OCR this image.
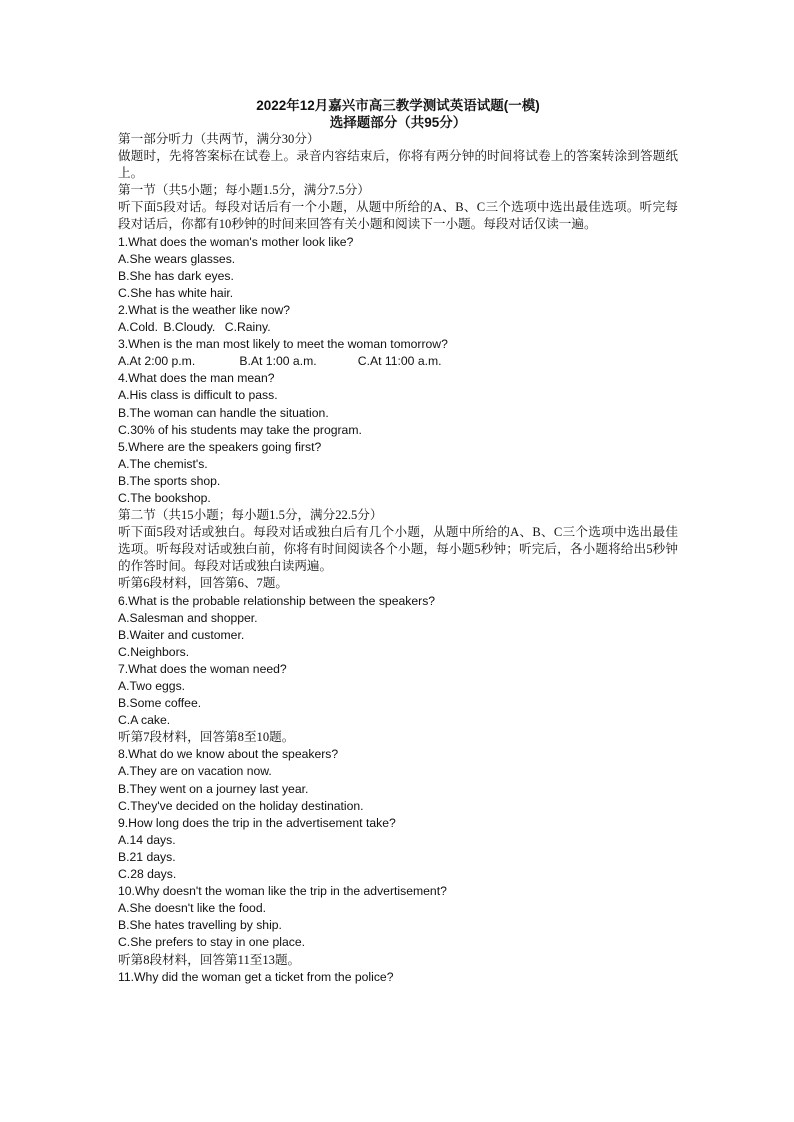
2022年12月嘉兴市高三教学测试英语试题(一模)
选择题部分（共95分）
第一部分听力（共两节，满分30分）
做题时，先将答案标在试卷上。录音内容结束后，你将有两分钟的时间将试卷上的答案转涂到答题纸上。
第一节（共5小题；每小题1.5分，满分7.5分）
听下面5段对话。每段对话后有一个小题，从题中所给的A、B、C三个选项中选出最佳选项。听完每段对话后，你都有10秒钟的时间来回答有关小题和阅读下一小题。每段对话仅读一遍。
1.What does the woman's mother look like?
A.She wears glasses.
B.She has dark eyes.
C.She has white hair.
2.What is the weather like now?
A.Cold. B.Cloudy. C.Rainy.
3.When is the man most likely to meet the woman tomorrow?
A.At 2:00 p.m.	B.At 1:00 a.m.	C.At 11:00 a.m.
4.What does the man mean?
A.His class is difficult to pass.
B.The woman can handle the situation.
C.30% of his students may take the program.
5.Where are the speakers going first?
A.The chemist's.
B.The sports shop.
C.The bookshop.
第二节（共15小题；每小题1.5分，满分22.5分）
听下面5段对话或独白。每段对话或独白后有几个小题，从题中所给的A、B、C三个选项中选出最佳选项。听每段对话或独白前，你将有时间阅读各个小题，每小题5秒钟；听完后，各小题将给出5秒钟的作答时间。每段对话或独白读两遍。
听第6段材料，回答第6、7题。
6.What is the probable relationship between the speakers?
A.Salesman and shopper.
B.Waiter and customer.
C.Neighbors.
7.What does the woman need?
A.Two eggs.
B.Some coffee.
C.A cake.
听第7段材料，回答第8至10题。
8.What do we know about the speakers?
A.They are on vacation now.
B.They went on a journey last year.
C.They've decided on the holiday destination.
9.How long does the trip in the advertisement take?
A.14 days.
B.21 days.
C.28 days.
10.Why doesn't the woman like the trip in the advertisement?
A.She doesn't like the food.
B.She hates travelling by ship.
C.She prefers to stay in one place.
听第8段材料，回答第11至13题。
11.Why did the woman get a ticket from the police?
